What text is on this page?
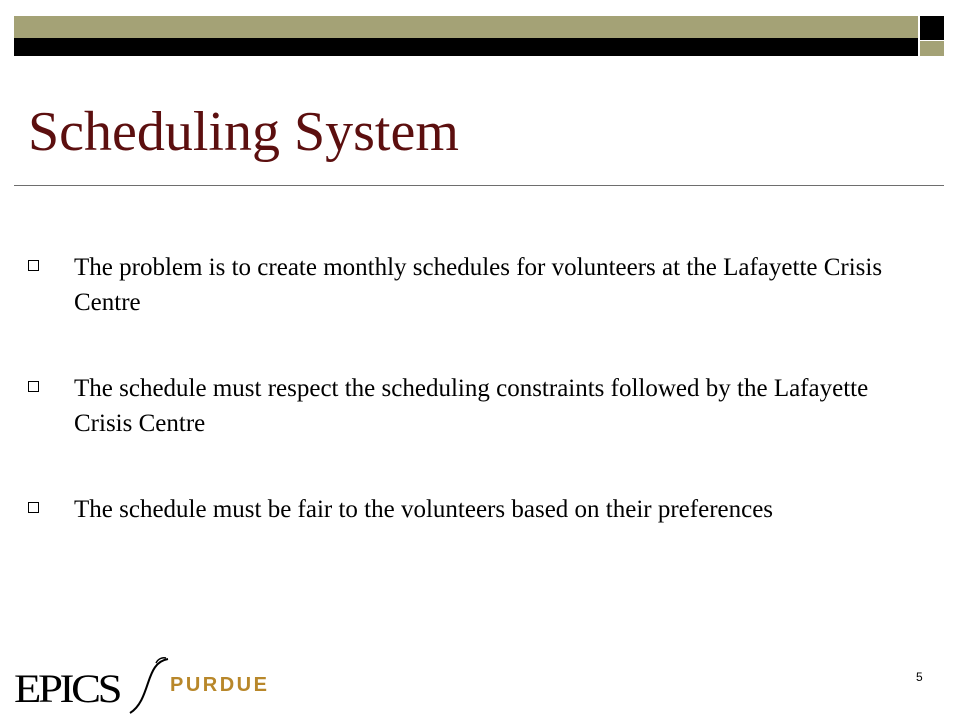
Scheduling System
The problem is to create monthly schedules for volunteers at the Lafayette Crisis Centre
The schedule must respect the scheduling constraints followed by the Lafayette Crisis Centre
The schedule must be fair to the volunteers based on their preferences
EPICS	PURDUE	5
